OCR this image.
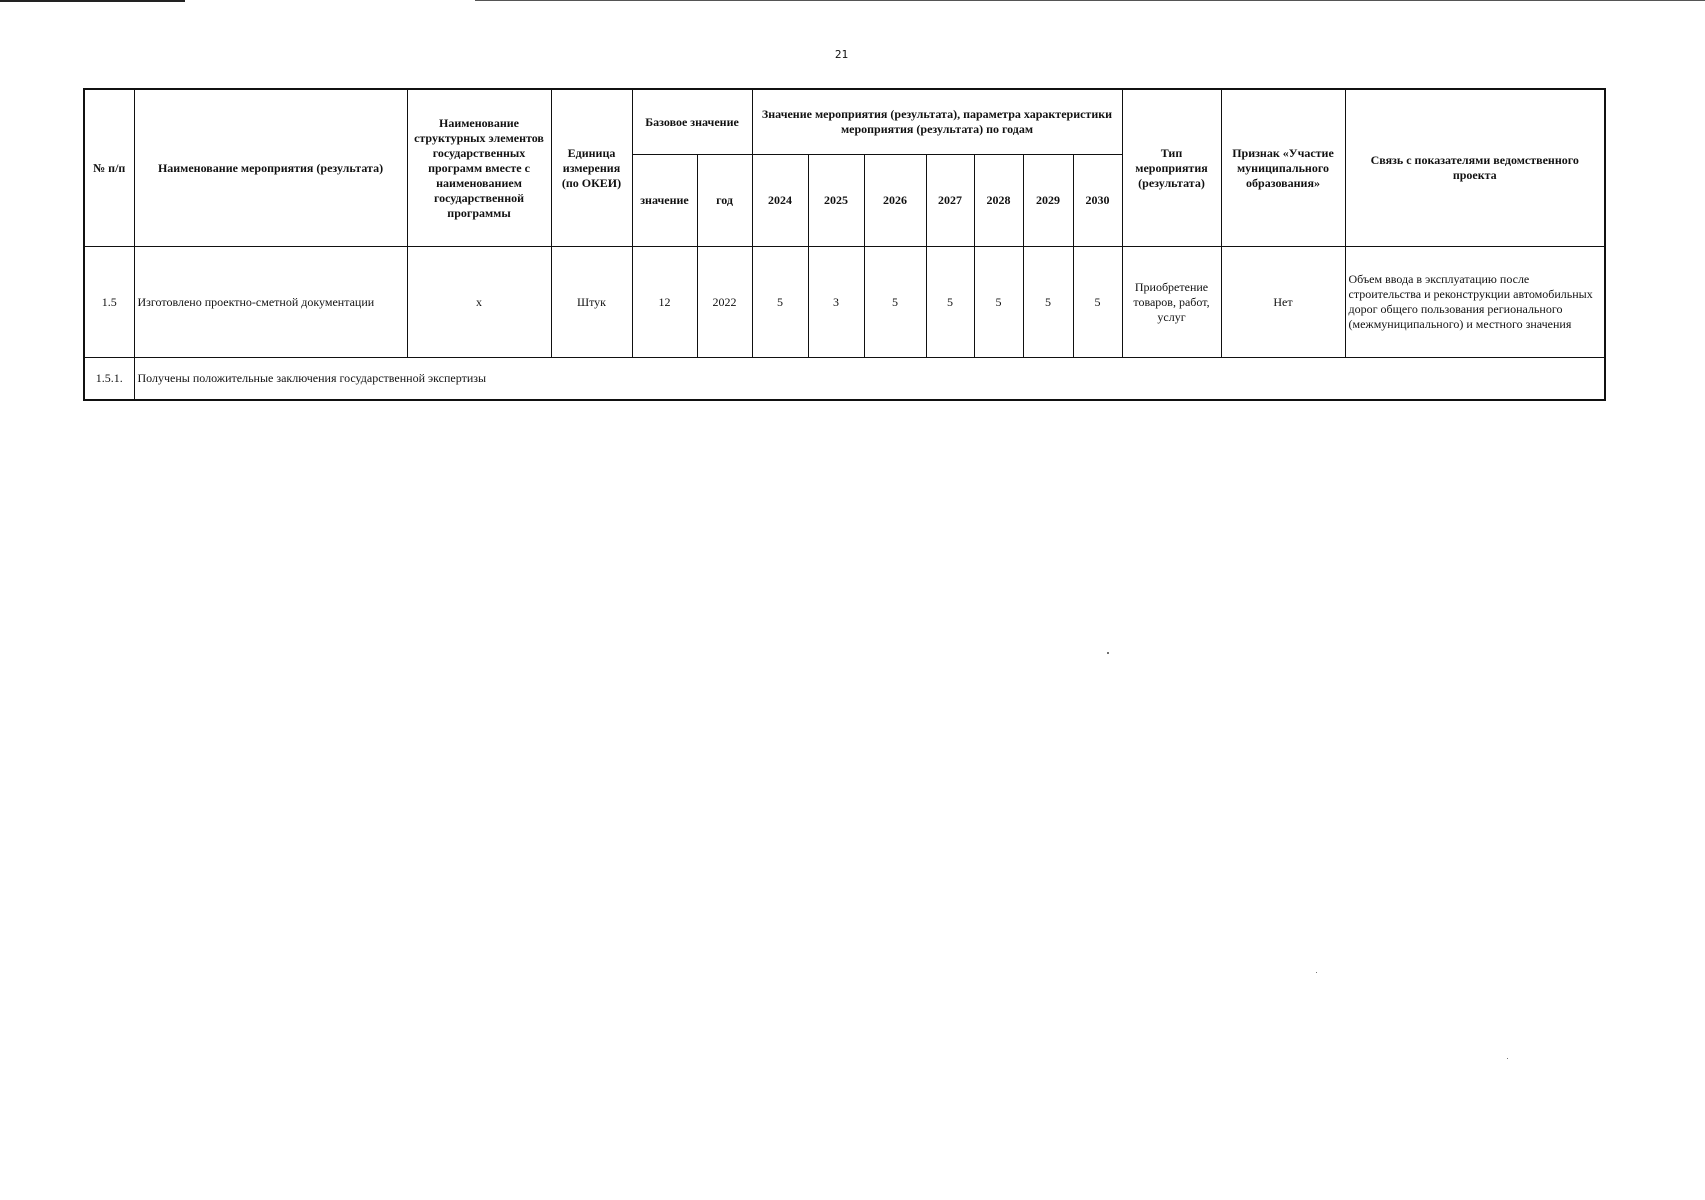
21
№ п/п	Наименование мероприятия (результата)	Наименование структурных элементов государственных программ вместе с наименованием государственной программы	Единица измерения (по ОКЕИ)	Базовое значение		Значение мероприятия (результата), параметра характеристики мероприятия (результата) по годам							Тип мероприятия (результата)	Признак «Участие муниципального образования»	Связь с показателями ведомственного проекта
				значение	год	2024	2025	2026	2027	2028	2029	2030			
1.5	Изготовлено проектно-сметной документации	х	Штук	12	2022	5	3	5	5	5	5	5	Приобретение товаров, работ, услуг	Нет	Объем ввода в эксплуатацию после строительства и реконструкции автомобильных дорог общего пользования регионального (межмуниципального) и местного значения
1.5.1.	Получены положительные заключения государственной экспертизы														
